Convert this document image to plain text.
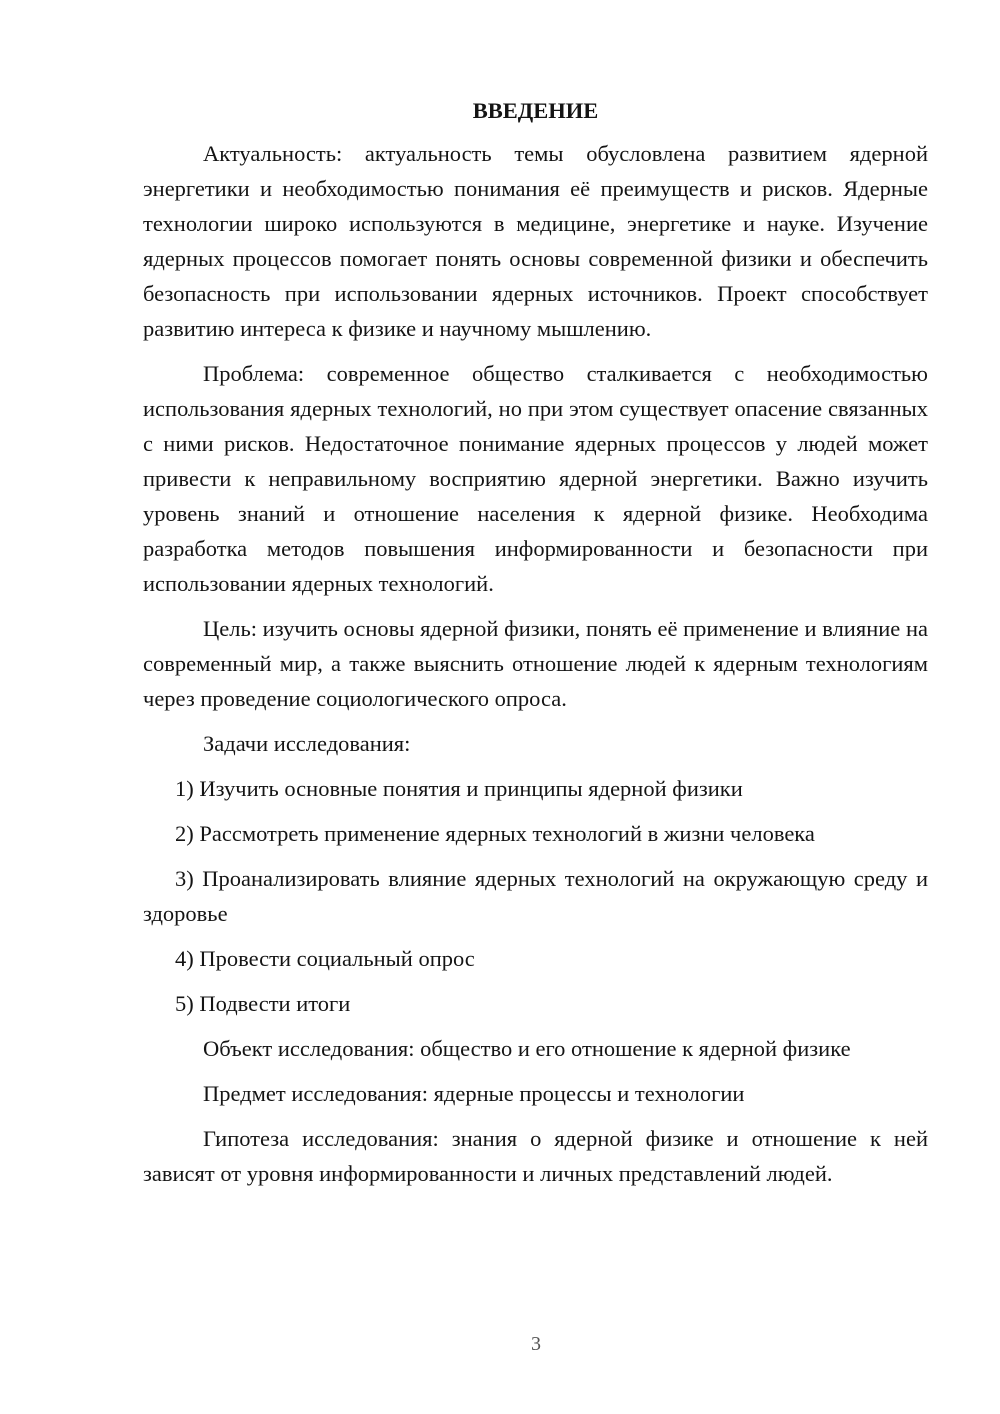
ВВЕДЕНИЕ

Актуальность: актуальность темы обусловлена развитием ядерной энергетики и необходимостью понимания её преимуществ и рисков. Ядерные технологии широко используются в медицине, энергетике и науке. Изучение ядерных процессов помогает понять основы современной физики и обеспечить безопасность при использовании ядерных источников. Проект способствует развитию интереса к физике и научному мышлению.

Проблема: современное общество сталкивается с необходимостью использования ядерных технологий, но при этом существует опасение связанных с ними рисков. Недостаточное понимание ядерных процессов у людей может привести к неправильному восприятию ядерной энергетики. Важно изучить уровень знаний и отношение населения к ядерной физике. Необходима разработка методов повышения информированности и безопасности при использовании ядерных технологий.

Цель: изучить основы ядерной физики, понять её применение и влияние на современный мир, а также выяснить отношение людей к ядерным технологиям через проведение социологического опроса.

Задачи исследования:

1) Изучить основные понятия и принципы ядерной физики

2) Рассмотреть применение ядерных технологий в жизни человека

3) Проанализировать влияние ядерных технологий на окружающую среду и здоровье

4) Провести социальный опрос

5) Подвести итоги

Объект исследования: общество и его отношение к ядерной физике

Предмет исследования: ядерные процессы и технологии

Гипотеза исследования: знания о ядерной физике и отношение к ней зависят от уровня информированности и личных представлений людей.

3
